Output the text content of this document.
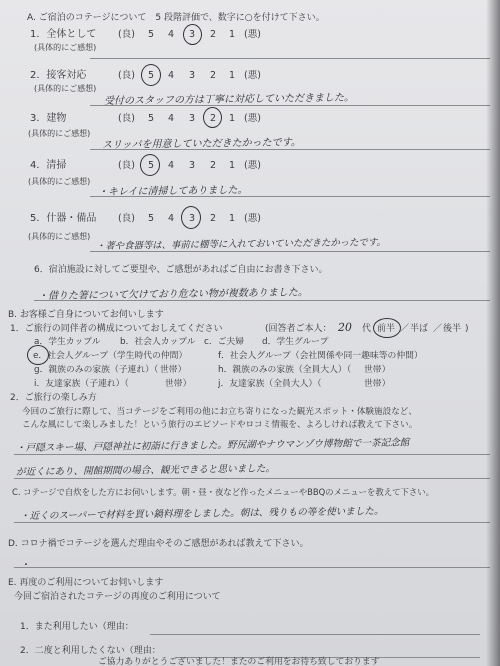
A. ご宿泊のコテージについて　5 段階評価で、数字に○を付けて下さい。
1．全体として (良) 5 4 3 2 1 (悪)
(具体的にご感想)
2．接客対応	(良) 5 4 3 2 1 (悪)
(具体的にご感想)
受付のスタッフの方は丁寧に対応していただきました。
3．建物	(良) 5 4 3 2 1 (悪)
(具体的にご感想)
スリッパを用意していただきたかったです。
4．清掃	(良) 5 4 3 2 1 (悪)
(具体的にご感想)
・キレイに清掃してありました。
5．什器・備品 (良) 5 4 3 2 1 (悪)
(具体的にご感想)
・著や食器等は、事前に棚等に入れておいていただきたかったです。
6．宿泊施設に対してご要望や、ご感想があればご自由にお書き下さい。
・借りた箸について欠けており危ない物が複数ありました。
B. お客様ご自身についてお伺いします
1．ご旅行の同伴者の構成についておしえてください	(回答者ご本人： 20 代 前半 ／ 半ば ／ 後半 )
a．学生カップル b．社会人カップル c．ご夫婦 d．学生グループ
e．社会人グループ（学生時代の仲間）	f．社会人グループ（会社関係や同一趣味等の仲間）
g．親族のみの家族（子連れ）（ 世帯）	h．親族のみの家族（全員大人）（ 世帯）
i．友達家族（子連れ）（	世帯）	j．友達家族（全員大人）（	世帯）
2．ご旅行の楽しみ方
今回のご旅行に際して、当コテージをご利用の他にお立ち寄りになった観光スポット・体験施設など、
こんな風にして楽しみました！という旅行のエピソードやロコミ情報を、よろしければ教えて下さい。
・戸隠スキー場、戸隠神社に初詣に行きました。野尻湖やナウマンゾウ博物館で一茶記念館
が近くにあり、開館期間の場合、観光できると思いました。
C. コテージで自炊をした方にお伺いします。朝・昼・夜など作ったメニューやBBQのメニューを教えて下さい。
・近くのスーパーで材料を買い鍋料理をしました。朝は、残りもの等を使いました。
D. コロナ禍でコテージを選んだ理由やそのご感想があれば教えて下さい。
・
E. 再度のご利用についてお伺いします
今回ご宿泊されたコテージの再度のご利用について
1．また利用したい（理由：
2．二度と利用したくない（理由：
ご協力ありがとうございました！またのご利用をお待ち致しております
